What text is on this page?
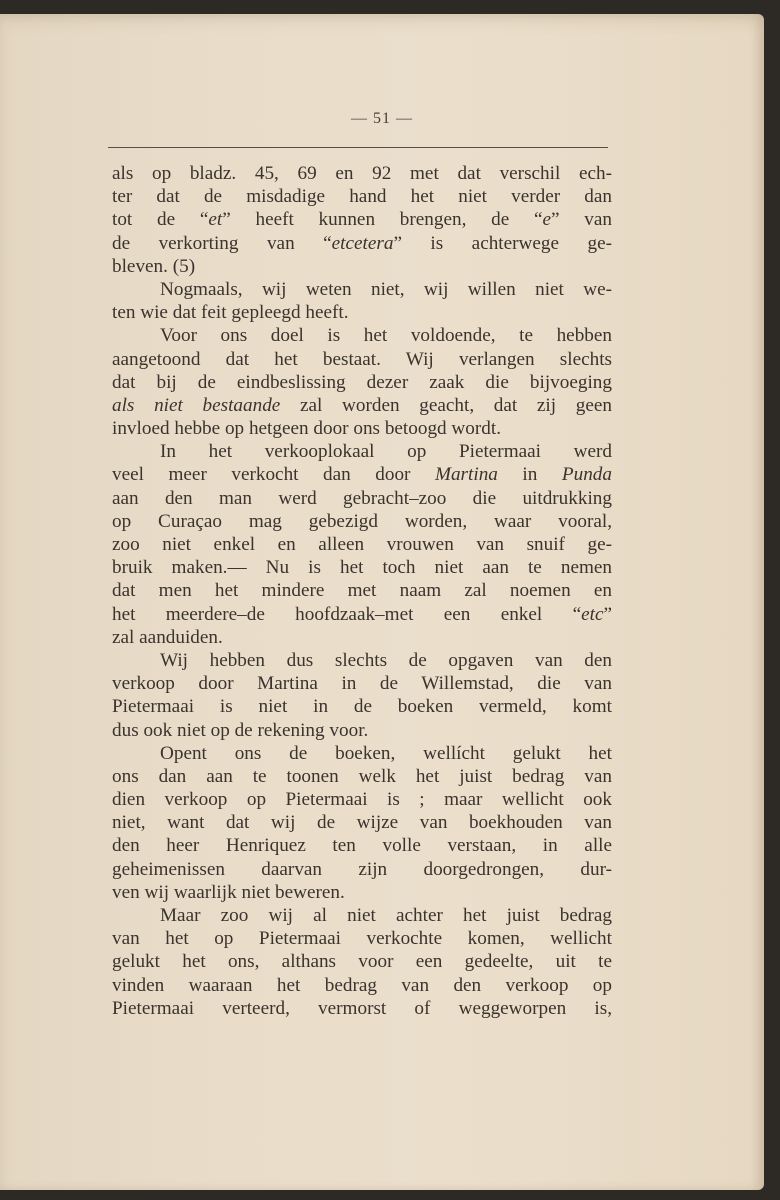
— 51 —
als op bladz. 45, 69 en 92 met dat verschil ech-
ter dat de misdadige hand het niet verder dan
tot de “et” heeft kunnen brengen, de “e” van
de verkorting van “etcetera” is achterwege ge-
bleven. (5)
Nogmaals, wij weten niet, wij willen niet we-
ten wie dat feit gepleegd heeft.
Voor ons doel is het voldoende, te hebben
aangetoond dat het bestaat. Wij verlangen slechts
dat bij de eindbeslissing dezer zaak die bijvoeging
als niet bestaande zal worden geacht, dat zij geen
invloed hebbe op hetgeen door ons betoogd wordt.
In het verkooplokaal op Pietermaai werd
veel meer verkocht dan door Martina in Punda
aan den man werd gebracht–zoo die uitdrukking
op Curaçao mag gebezigd worden, waar vooral,
zoo niet enkel en alleen vrouwen van snuif ge-
bruik maken.— Nu is het toch niet aan te nemen
dat men het mindere met naam zal noemen en
het meerdere–de hoofdzaak–met een enkel “etc”
zal aanduiden.
Wij hebben dus slechts de opgaven van den
verkoop door Martina in de Willemstad, die van
Pietermaai is niet in de boeken vermeld, komt
dus ook niet op de rekening voor.
Opent ons de boeken, wellícht gelukt het
ons dan aan te toonen welk het juist bedrag van
dien verkoop op Pietermaai is ; maar wellicht ook
niet, want dat wij de wijze van boekhouden van
den heer Henriquez ten volle verstaan, in alle
geheimenissen daarvan zijn doorgedrongen, dur-
ven wij waarlijk niet beweren.
Maar zoo wij al niet achter het juist bedrag
van het op Pietermaai verkochte komen, wellicht
gelukt het ons, althans voor een gedeelte, uit te
vinden waaraan het bedrag van den verkoop op
Pietermaai verteerd, vermorst of weggeworpen is,
